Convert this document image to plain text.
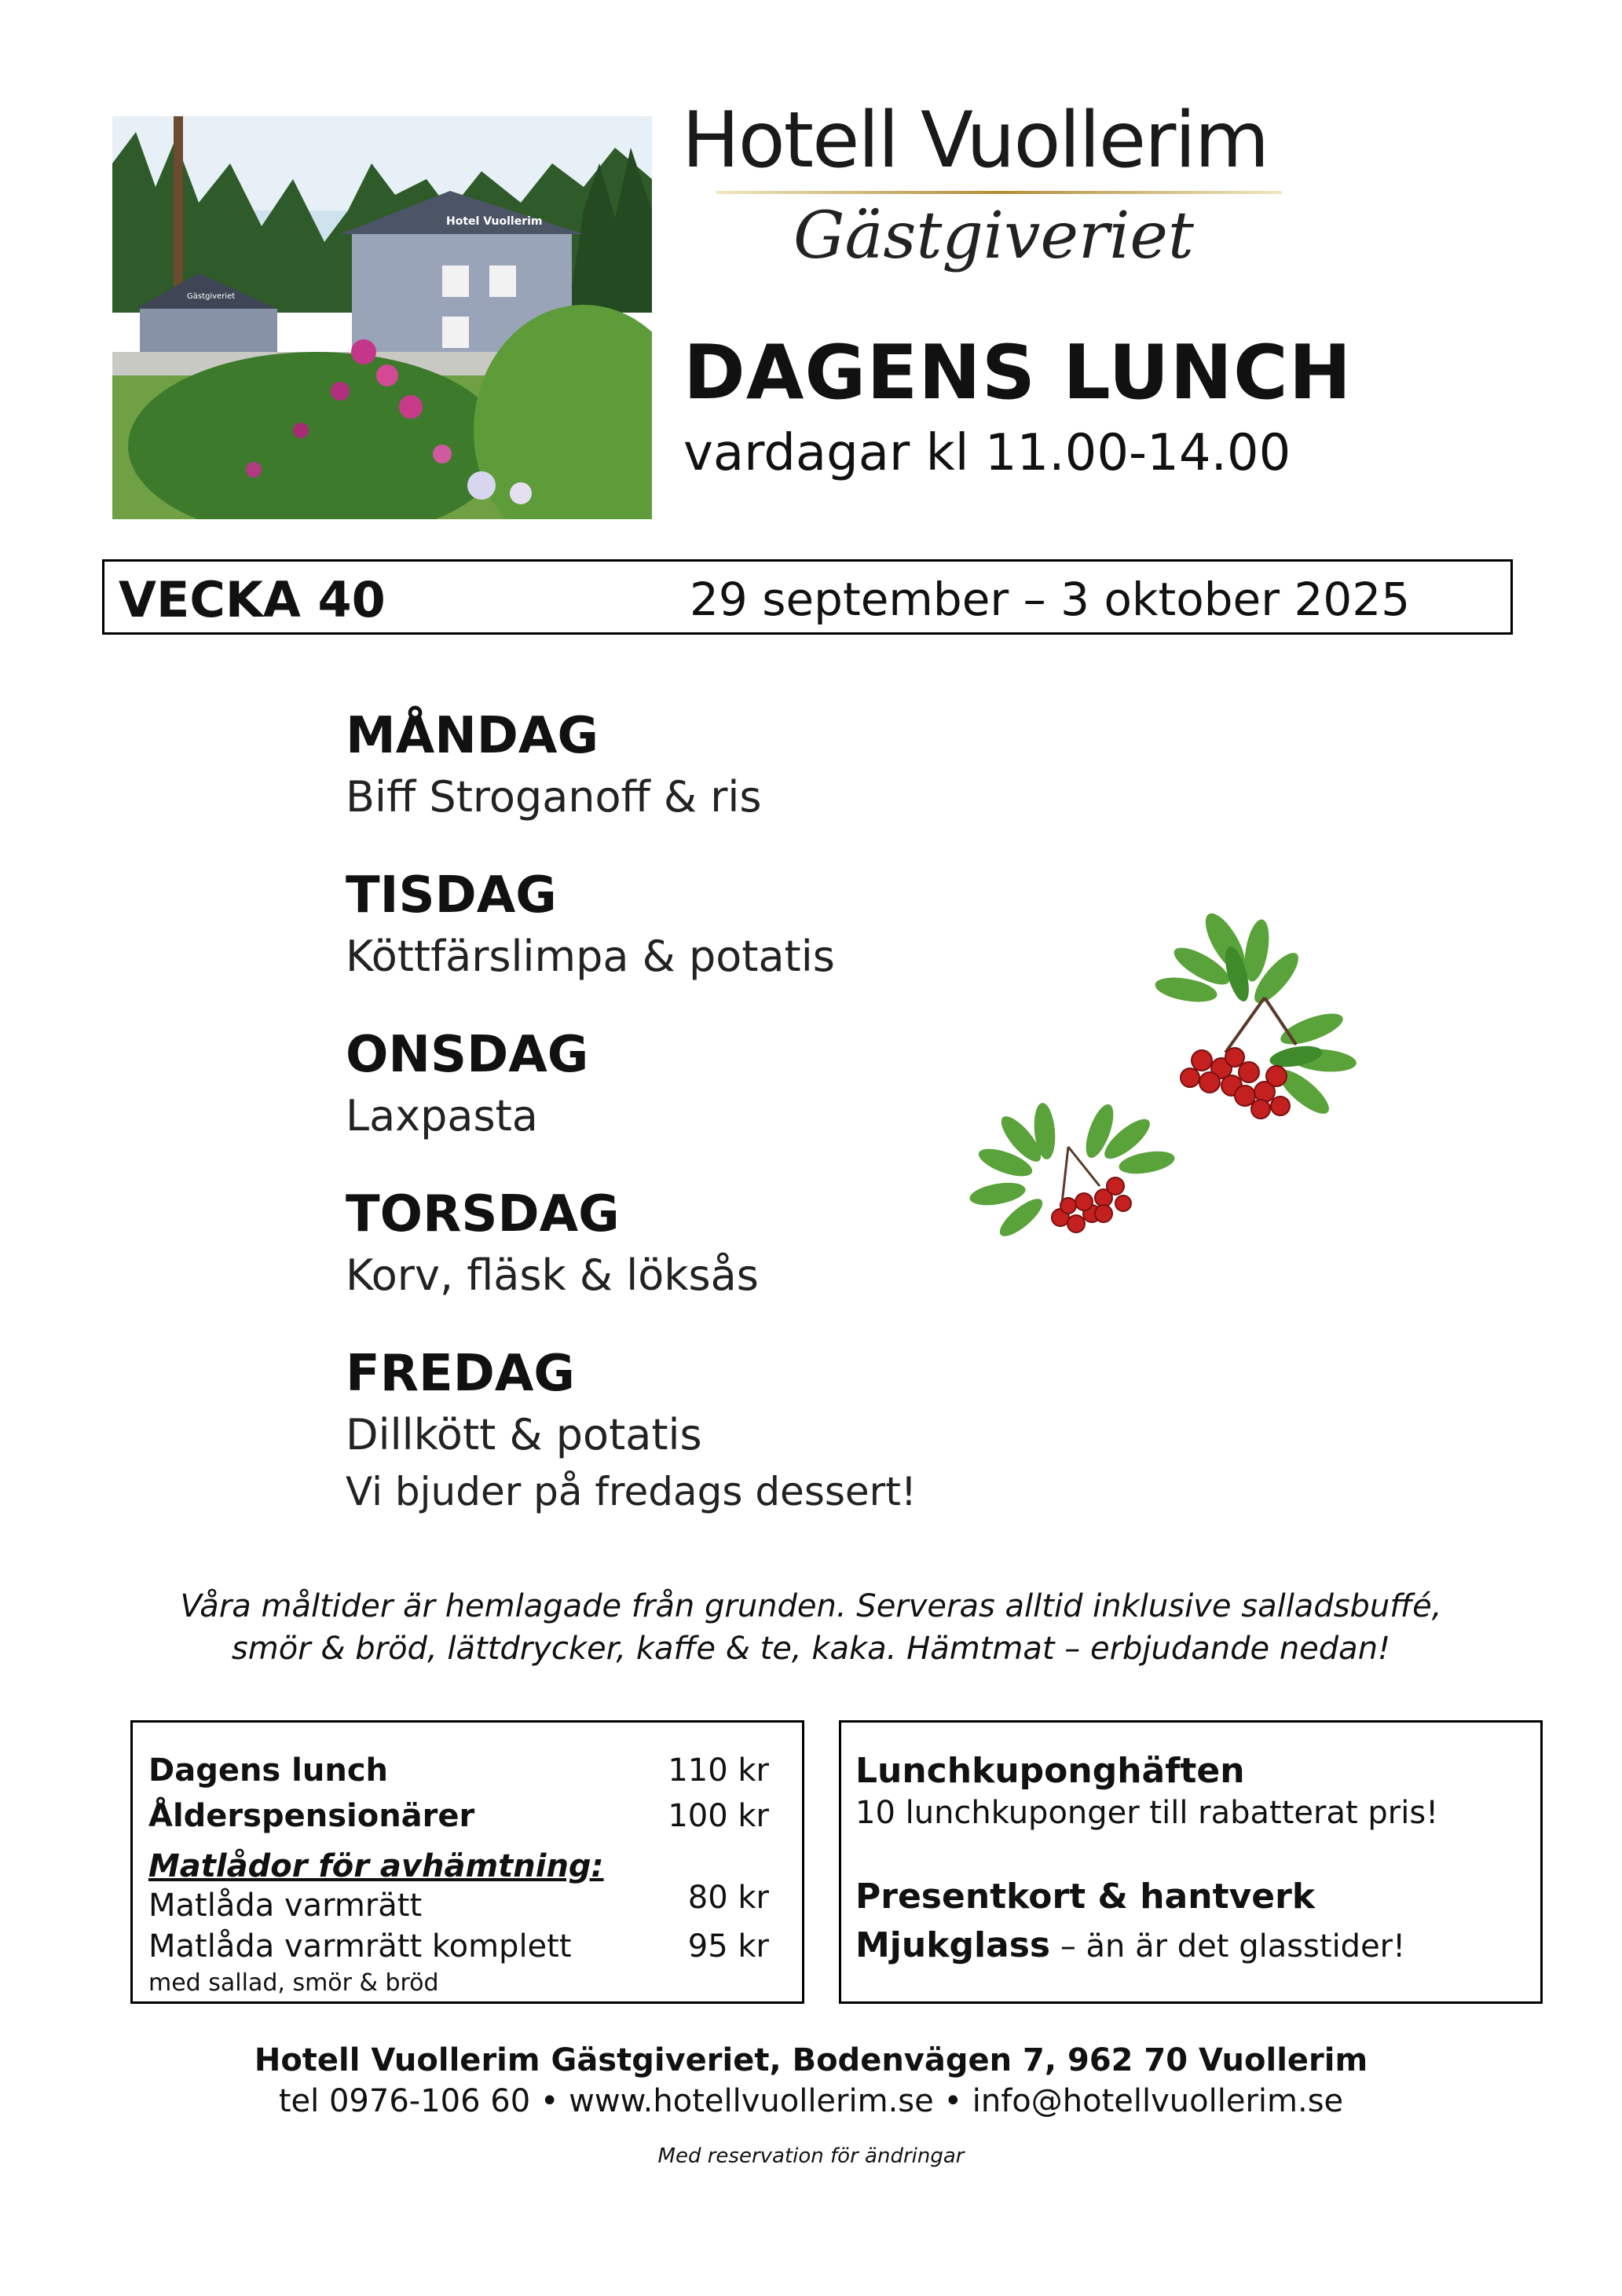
Hotel Vuollerim
Gästgiveriet
Hotell Vuollerim
Gästgiveriet
DAGENS LUNCH
vardagar kl 11.00-14.00
VECKA 40	29 september – 3 oktober 2025
MÅNDAG
Biff Stroganoff & ris
TISDAG
Köttfärslimpa & potatis
ONSDAG
Laxpasta
TORSDAG
Korv, fläsk & löksås
FREDAG
Dillkött & potatis
Vi bjuder på fredags dessert!
Våra måltider är hemlagade från grunden. Serveras alltid inklusive salladsbuffé,
smör & bröd, lättdrycker, kaffe & te, kaka. Hämtmat – erbjudande nedan!
Dagens lunch	110 kr
Ålderspensionärer	100 kr
Matlådor för avhämtning:
Matlåda varmrätt	80 kr
Matlåda varmrätt komplett	95 kr
med sallad, smör & bröd
Lunchkuponghäften
10 lunchkuponger till rabatterat pris!
Presentkort & hantverk
Mjukglass – än är det glasstider!
Hotell Vuollerim Gästgiveriet, Bodenvägen 7, 962 70 Vuollerim
tel 0976-106 60 • www.hotellvuollerim.se • info@hotellvuollerim.se
Med reservation för ändringar
